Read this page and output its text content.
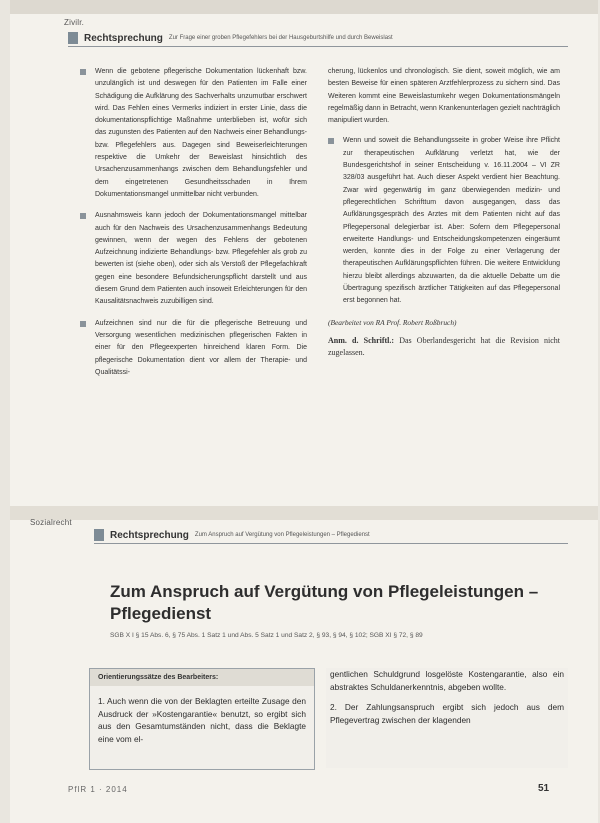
Zivilr.
Rechtsprechung Zur Frage einer groben Pflegefehlers bei der Hausgeburtshilfe und durch Beweislast
Wenn die gebotene pflegerische Dokumentation lückenhaft bzw. unzulänglich ist und deswegen für den Patienten im Falle einer Schädigung die Aufklärung des Sachverhalts unzumutbar erschwert wird. Das Fehlen eines Vermerks indiziert in erster Linie, dass die dokumentationspflichtige Maßnahme unterblieben ist, wofür sich das zugunsten des Patienten auf den Nachweis einer Behandlungs- bzw. Pflegefehlers aus. Dagegen sind Beweiserleichterungen respektive die Umkehr der Beweislast hinsichtlich des Ursachenzusammenhangs zwischen dem Behandlungsfehler und dem eingetretenen Gesundheitsschaden in Ihrem Dokumentationsmangel unmittelbar nicht verbunden.
Ausnahmsweis kann jedoch der Dokumentationsmangel mittelbar auch für den Nachweis des Ursachenzusammenhangs Bedeutung gewinnen, wenn der wegen des Fehlens der gebotenen Aufzeichnung indizierte Behandlungs- bzw. Pflegefehler als grob zu bewerten ist (siehe oben), oder sich als Verstoß der Pflegefachkraft gegen eine besondere Befundsicherungspflicht darstellt und aus diesem Grund dem Patienten auch insoweit Erleichterungen für den Kausalitätsnachweis zuzubilligen sind.
Aufzeichnen sind nur die für die pflegerische Betreuung und Versorgung wesentlichen medizinischen pflegerischen Fakten in einer für den Pflegeexperten hinreichend klaren Form. Die pflegerische Dokumentation dient vor allem der Therapie- und Qualitätssi-

cherung, lückenlos und chronologisch. Sie dient, soweit möglich, wie am besten Beweise für einen späteren Arztfehlerprozess zu sichern sind. Das Weiteren kommt eine Beweislastumkehr wegen Dokumentationsmängeln regelmäßig dann in Betracht, wenn Krankenunterlagen gezielt nachträglich manipuliert wurden.

Wenn und soweit die Behandlungsseite in grober Weise ihre Pflicht zur therapeutischen Aufklärung verletzt hat, wie der Bundesgerichtshof in seiner Entscheidung v. 16.11.2004 – VI ZR 328/03 ausgeführt hat. Auch dieser Aspekt verdient hier Beachtung. Zwar wird gegenwärtig im ganz überwiegenden medizin- und pflegerechtlichen Schrifttum davon ausgegangen, dass das Aufklärungsgespräch des Arztes mit dem Patienten nicht auf das Pflegepersonal delegierbar ist. Aber: Sofern dem Pflegepersonal erweiterte Handlungs- und Entscheidungskompetenzen eingeräumt werden, konnte dies in der Folge zu einer Verlagerung der therapeutischen Aufklärungspflichten führen. Die weitere Entwicklung hierzu bleibt allerdings abzuwarten, da die aktuelle Debatte um die Übertragung spezifisch ärztlicher Tätigkeiten auf das Pflegepersonal erst begonnen hat.
(Bearbeitet von RA Prof. Robert Roßbruch)
Anm. d. Schriftl.: Das Oberlandesgericht hat die Revision nicht zugelassen.
Sozialrecht
Rechtsprechung Zum Anspruch auf Vergütung von Pflegeleistungen – Pflegedienst
Zum Anspruch auf Vergütung von Pflegeleistungen – Pflegedienst
SGB X I § 15 Abs. 6, § 75 Abs. 1 Satz 1 und Abs. 5 Satz 1 und Satz 2, § 93, § 94, § 102; SGB XI § 72, § 89
Orientierungssätze des Bearbeiters:
1. Auch wenn die von der Beklagten erteilte Zusage den Ausdruck der »Kostengarantie« benutzt, so ergibt sich aus den Gesamtumständen nicht, dass die Beklagte eine vom el-

gentlichen Schuldgrund losgelöste Kostengarantie, also ein abstraktes Schuldanerkenntnis, abgeben wollte.

2. Der Zahlungsanspruch ergibt sich jedoch aus dem Pflegevertrag zwischen der klagenden

PflR 1 · 2014	51
